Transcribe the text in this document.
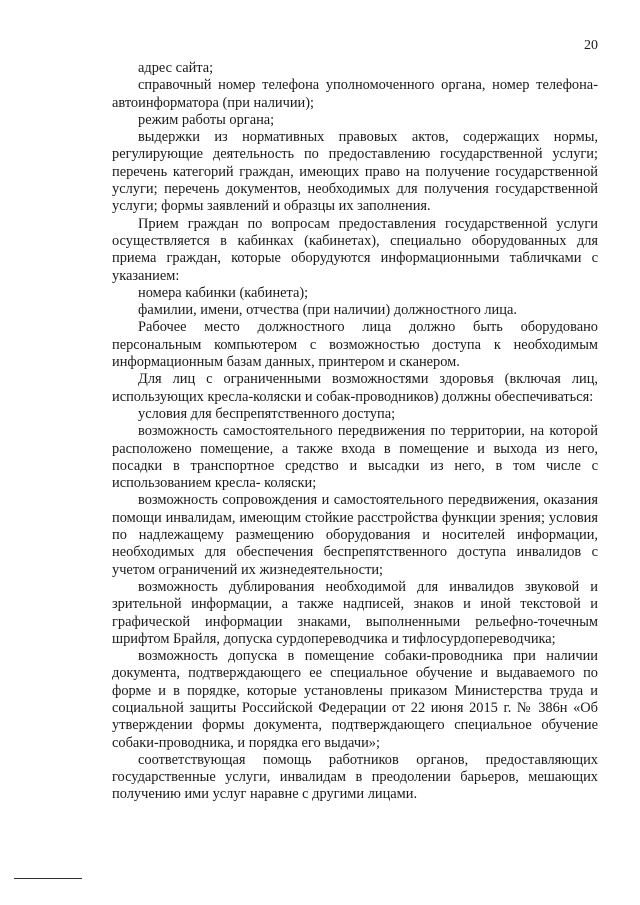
20

адрес сайта;

справочный номер телефона уполномоченного органа, номер телефона-автоинформатора (при наличии);

режим работы органа;

выдержки из нормативных правовых актов, содержащих нормы, регулирующие деятельность по предоставлению государственной услуги; перечень категорий граждан, имеющих право на получение государственной услуги; перечень документов, необходимых для получения государственной услуги; формы заявлений и образцы их заполнения.

Прием граждан по вопросам предоставления государственной услуги осуществляется в кабинках (кабинетах), специально оборудованных для приема граждан, которые оборудуются информационными табличками с указанием:

номера кабинки (кабинета);

фамилии, имени, отчества (при наличии) должностного лица.

Рабочее место должностного лица должно быть оборудовано персональным компьютером с возможностью доступа к необходимым информационным базам данных, принтером и сканером.

Для лиц с ограниченными возможностями здоровья (включая лиц, использующих кресла-коляски и собак-проводников) должны обеспечиваться:

условия для беспрепятственного доступа;

возможность самостоятельного передвижения по территории, на которой расположено помещение, а также входа в помещение и выхода из него, посадки в транспортное средство и высадки из него, в том числе с использованием кресла- коляски;

возможность сопровождения и самостоятельного передвижения, оказания помощи инвалидам, имеющим стойкие расстройства функции зрения; условия по надлежащему размещению оборудования и носителей информации, необходимых для обеспечения беспрепятственного доступа инвалидов с учетом ограничений их жизнедеятельности;

возможность дублирования необходимой для инвалидов звуковой и зрительной информации, а также надписей, знаков и иной текстовой и графической информации знаками, выполненными рельефно-точечным шрифтом Брайля, допуска сурдопереводчика и тифлосурдопереводчика;

возможность допуска в помещение собаки-проводника при наличии документа, подтверждающего ее специальное обучение и выдаваемого по форме и в порядке, которые установлены приказом Министерства труда и социальной защиты Российской Федерации от 22 июня 2015 г. № 386н «Об утверждении формы документа, подтверждающего специальное обучение собаки-проводника, и порядка его выдачи»;

соответствующая помощь работников органов, предоставляющих государственные услуги, инвалидам в преодолении барьеров, мешающих получению ими услуг наравне с другими лицами.
